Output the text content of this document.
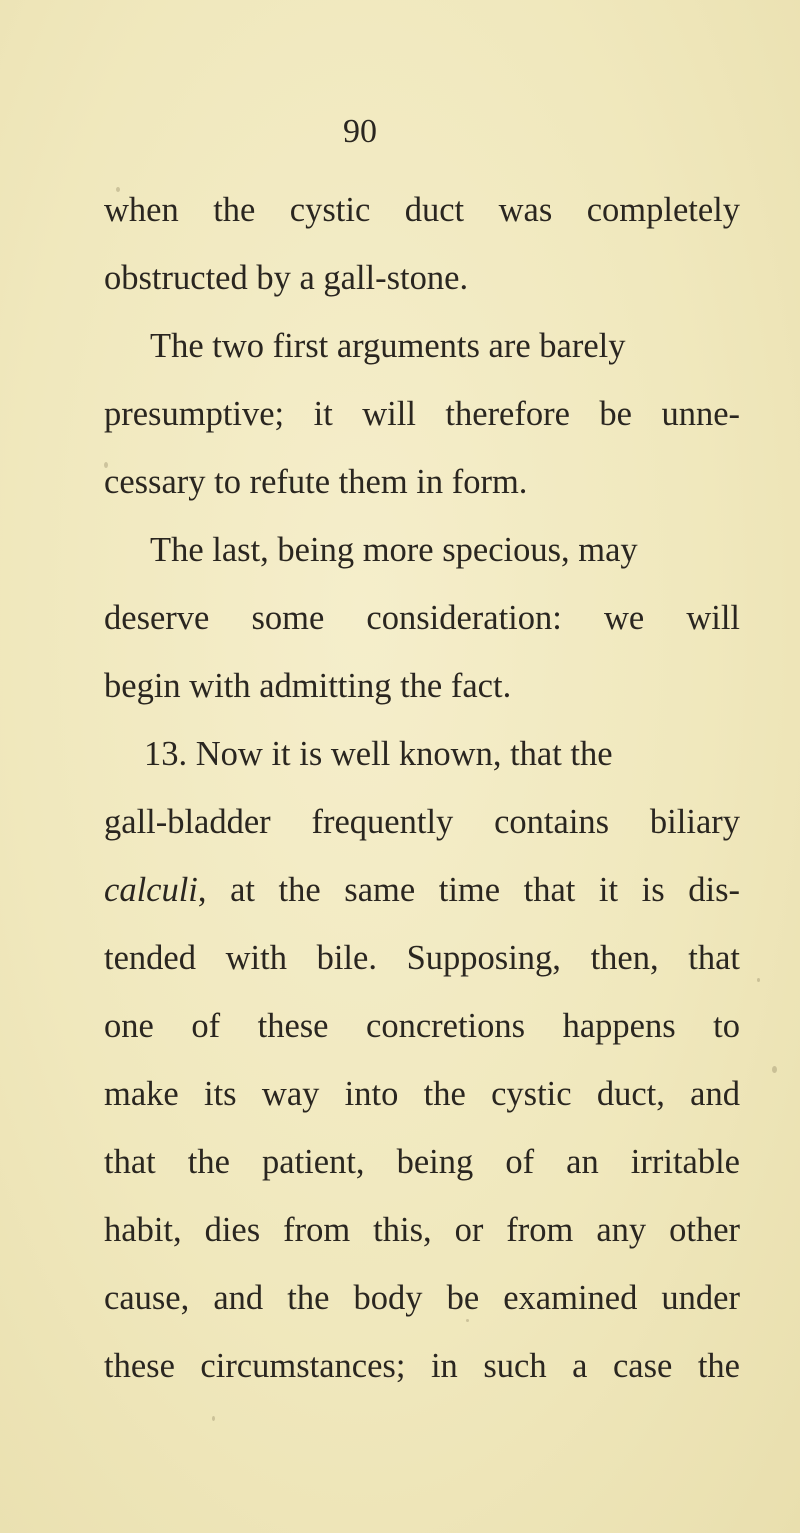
90
when the cystic duct was completely
obstructed by a gall-stone.
The two first arguments are barely
presumptive; it will therefore be unne-
cessary to refute them in form.
The last, being more specious, may
deserve some consideration: we will
begin with admitting the fact.
13. Now it is well known, that the
gall-bladder frequently contains biliary
calculi, at the same time that it is dis-
tended with bile. Supposing, then, that
one of these concretions happens to
make its way into the cystic duct, and
that the patient, being of an irritable
habit, dies from this, or from any other
cause, and the body be examined under
these circumstances; in such a case the
